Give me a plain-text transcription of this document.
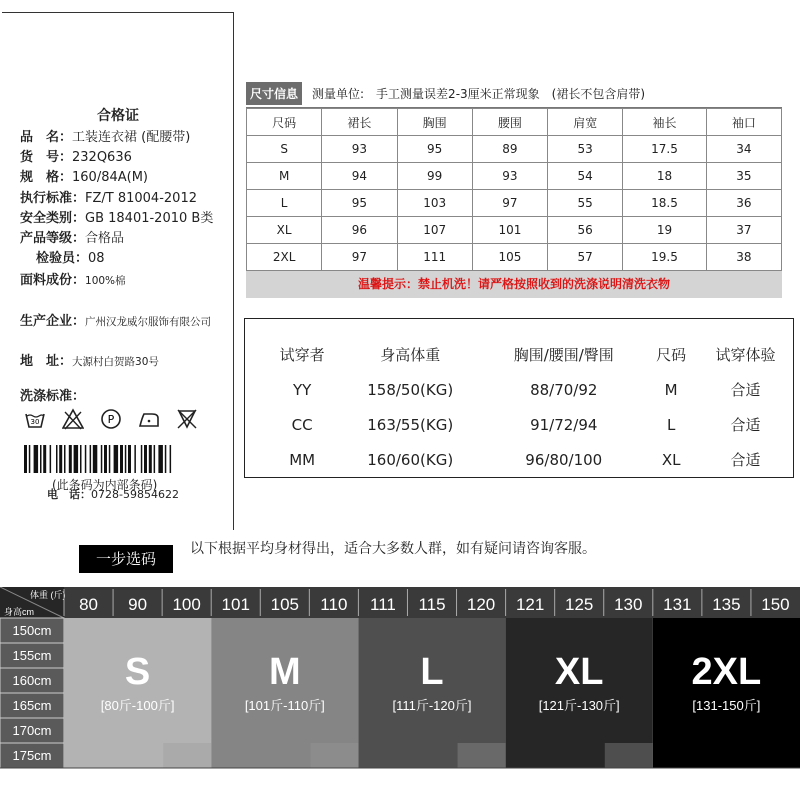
合格证
品　名：工装连衣裙 (配腰带)
货　号：232Q636
规　格：160/84A(M)
执行标准：FZ/T 81004-2012
安全类别：GB 18401-2010 B类
产品等级：合格品
检验员：08
面料成份：100%棉
生产企业：广州汉龙威尔服饰有限公司
地　址：大源村白贺路30号
洗涤标准：
30	P
(此条码为内部条码)
电　话：0728-59854622
尺寸信息	测量单位:　手工测量误差2-3厘米正常现象　(裙长不包含肩带)
尺码	裙长	胸围	腰围	肩宽	袖长	袖口
S	93	95	89	53	17.5	34
M	94	99	93	54	18	35
L	95	103	97	55	18.5	36
XL	96	107	101	56	19	37
2XL	97	111	105	57	19.5	38
温馨提示：禁止机洗！请严格按照收到的洗涤说明清洗衣物
试穿者	身高体重	胸围/腰围/臀围	尺码	试穿体验
YY	158/50(KG)	88/70/92	M	合适
CC	163/55(KG)	91/72/94	L	合适
MM	160/60(KG)	96/80/100	XL	合适
一步选码
以下根据平均身材得出，适合大多数人群，如有疑问请咨询客服。
体重 (斤)
身高cm	80 90 100 101 105 110 111 115 120 121 125 130 131 135 150
150cm
155cm
160cm
165cm
170cm
175cm
S
[80斤-100斤]
M
[101斤-110斤]
L
[111斤-120斤]
XL
[121斤-130斤]
2XL
[131-150斤]
